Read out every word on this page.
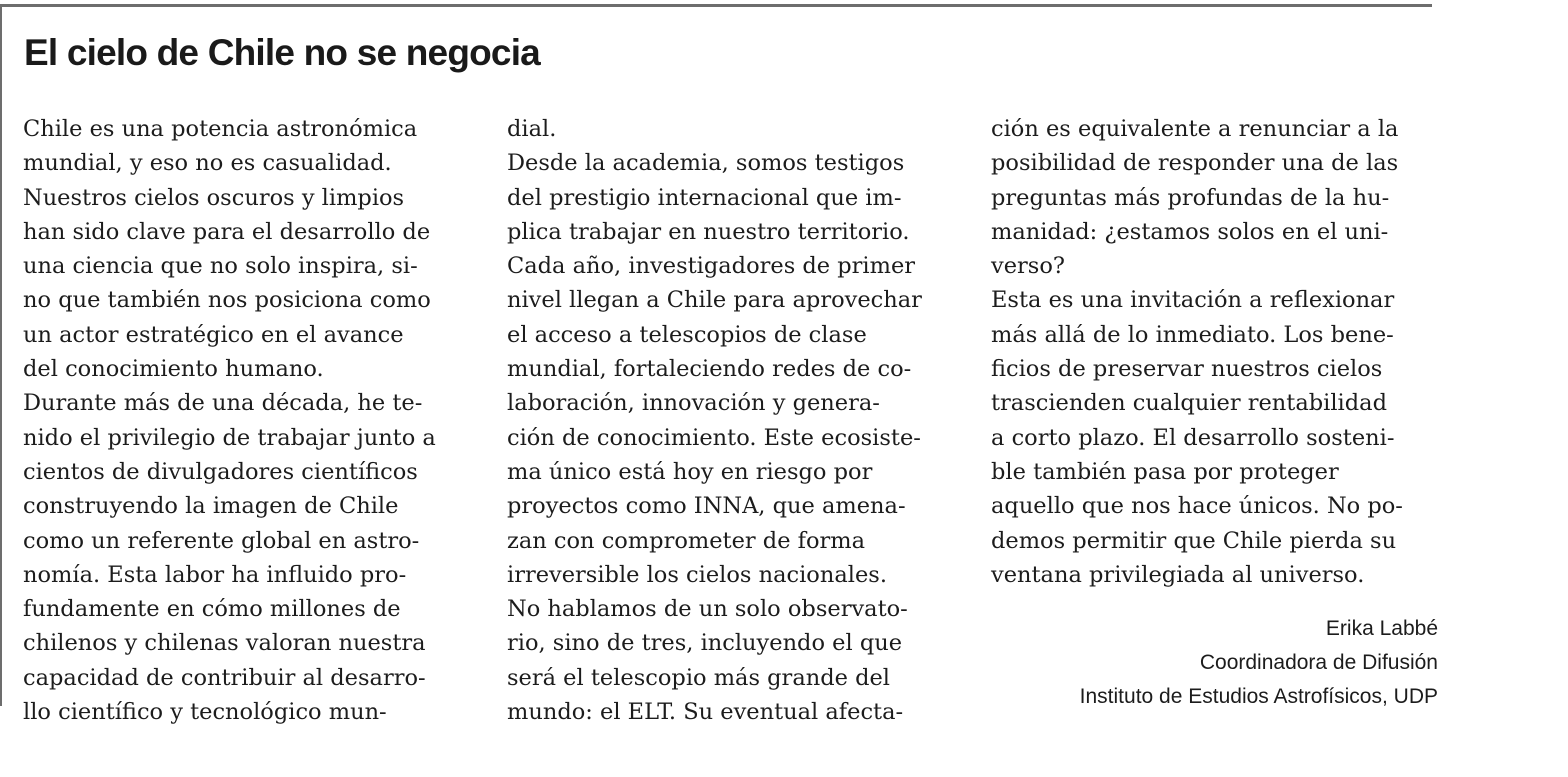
El cielo de Chile no se negocia
Chile es una potencia astronómica
mundial, y eso no es casualidad.
Nuestros cielos oscuros y limpios
han sido clave para el desarrollo de
una ciencia que no solo inspira, si-
no que también nos posiciona como
un actor estratégico en el avance
del conocimiento humano.
Durante más de una década, he te-
nido el privilegio de trabajar junto a
cientos de divulgadores científicos
construyendo la imagen de Chile
como un referente global en astro-
nomía. Esta labor ha influido pro-
fundamente en cómo millones de
chilenos y chilenas valoran nuestra
capacidad de contribuir al desarro-
llo científico y tecnológico mun-
dial.
Desde la academia, somos testigos
del prestigio internacional que im-
plica trabajar en nuestro territorio.
Cada año, investigadores de primer
nivel llegan a Chile para aprovechar
el acceso a telescopios de clase
mundial, fortaleciendo redes de co-
laboración, innovación y genera-
ción de conocimiento. Este ecosiste-
ma único está hoy en riesgo por
proyectos como INNA, que amena-
zan con comprometer de forma
irreversible los cielos nacionales.
No hablamos de un solo observato-
rio, sino de tres, incluyendo el que
será el telescopio más grande del
mundo: el ELT. Su eventual afecta-
ción es equivalente a renunciar a la
posibilidad de responder una de las
preguntas más profundas de la hu-
manidad: ¿estamos solos en el uni-
verso?
Esta es una invitación a reflexionar
más allá de lo inmediato. Los bene-
ficios de preservar nuestros cielos
trascienden cualquier rentabilidad
a corto plazo. El desarrollo sosteni-
ble también pasa por proteger
aquello que nos hace únicos. No po-
demos permitir que Chile pierda su
ventana privilegiada al universo.
Erika Labbé
Coordinadora de Difusión
Instituto de Estudios Astrofísicos, UDP
